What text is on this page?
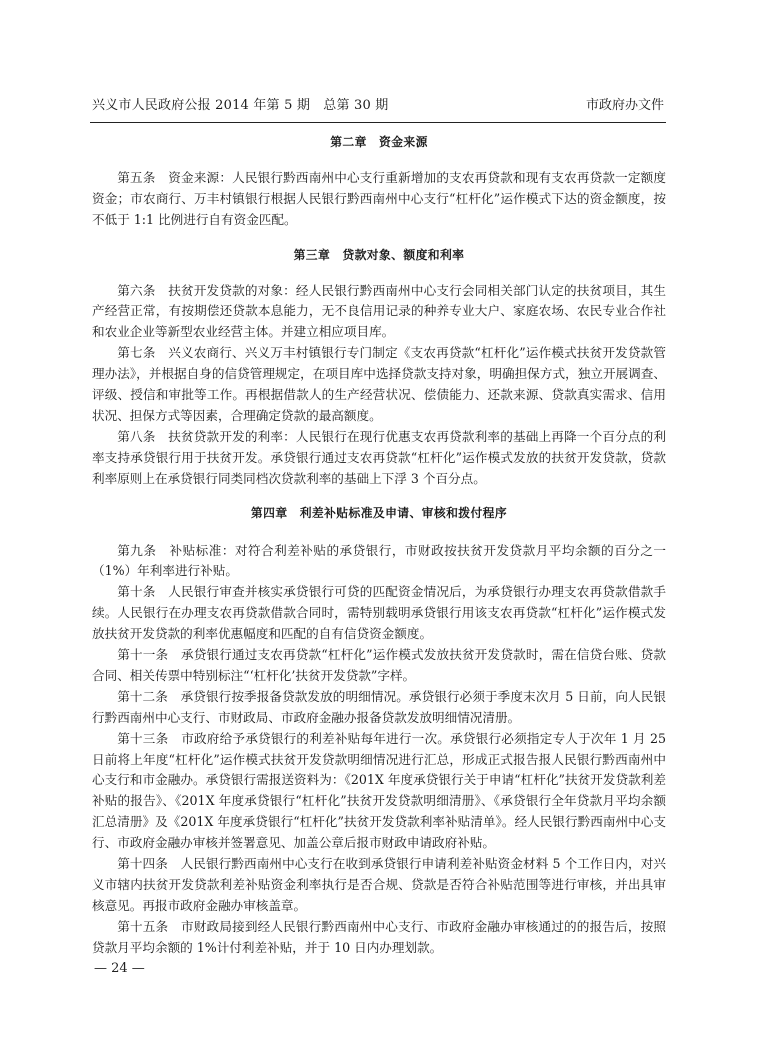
兴义市人民政府公报 2014 年第 5 期　总第 30 期	市政府办文件

第二章　资金来源

第五条　资金来源：人民银行黔西南州中心支行重新增加的支农再贷款和现有支农再贷款一定额度资金；市农商行、万丰村镇银行根据人民银行黔西南州中心支行“杠杆化”运作模式下达的资金额度，按不低于 1:1 比例进行自有资金匹配。

第三章　贷款对象、额度和利率

第六条　扶贫开发贷款的对象：经人民银行黔西南州中心支行会同相关部门认定的扶贫项目，其生产经营正常，有按期偿还贷款本息能力，无不良信用记录的种养专业大户、家庭农场、农民专业合作社和农业企业等新型农业经营主体。并建立相应项目库。

第七条　兴义农商行、兴义万丰村镇银行专门制定《支农再贷款“杠杆化”运作模式扶贫开发贷款管理办法》，并根据自身的信贷管理规定，在项目库中选择贷款支持对象，明确担保方式，独立开展调查、评级、授信和审批等工作。再根据借款人的生产经营状况、偿债能力、还款来源、贷款真实需求、信用状况、担保方式等因素，合理确定贷款的最高额度。

第八条　扶贫贷款开发的利率：人民银行在现行优惠支农再贷款利率的基础上再降一个百分点的利率支持承贷银行用于扶贫开发。承贷银行通过支农再贷款“杠杆化”运作模式发放的扶贫开发贷款，贷款利率原则上在承贷银行同类同档次贷款利率的基础上下浮 3 个百分点。

第四章　利差补贴标准及申请、审核和拨付程序

第九条　补贴标准：对符合利差补贴的承贷银行，市财政按扶贫开发贷款月平均余额的百分之一（1%）年利率进行补贴。

第十条　人民银行审查并核实承贷银行可贷的匹配资金情况后，为承贷银行办理支农再贷款借款手续。人民银行在办理支农再贷款借款合同时，需特别载明承贷银行用该支农再贷款“杠杆化”运作模式发放扶贫开发贷款的利率优惠幅度和匹配的自有信贷资金额度。

第十一条　承贷银行通过支农再贷款“杠杆化”运作模式发放扶贫开发贷款时，需在信贷台账、贷款合同、相关传票中特别标注“‘杠杆化’扶贫开发贷款”字样。

第十二条　承贷银行按季报备贷款发放的明细情况。承贷银行必须于季度末次月 5 日前，向人民银行黔西南州中心支行、市财政局、市政府金融办报备贷款发放明细情况清册。

第十三条　市政府给予承贷银行的利差补贴每年进行一次。承贷银行必须指定专人于次年 1 月 25 日前将上年度“杠杆化”运作模式扶贫开发贷款明细情况进行汇总，形成正式报告报人民银行黔西南州中心支行和市金融办。承贷银行需报送资料为：《201X 年度承贷银行关于申请“杠杆化”扶贫开发贷款利差补贴的报告》、《201X 年度承贷银行“杠杆化”扶贫开发贷款明细清册》、《承贷银行全年贷款月平均余额汇总清册》及《201X 年度承贷银行“杠杆化”扶贫开发贷款利率补贴清单》。经人民银行黔西南州中心支行、市政府金融办审核并签署意见、加盖公章后报市财政申请政府补贴。

第十四条　人民银行黔西南州中心支行在收到承贷银行申请利差补贴资金材料 5 个工作日内，对兴义市辖内扶贫开发贷款利差补贴资金利率执行是否合规、贷款是否符合补贴范围等进行审核，并出具审核意见。再报市政府金融办审核盖章。

第十五条　市财政局接到经人民银行黔西南州中心支行、市政府金融办审核通过的的报告后，按照贷款月平均余额的 1%计付利差补贴，并于 10 日内办理划款。

— 24 —
